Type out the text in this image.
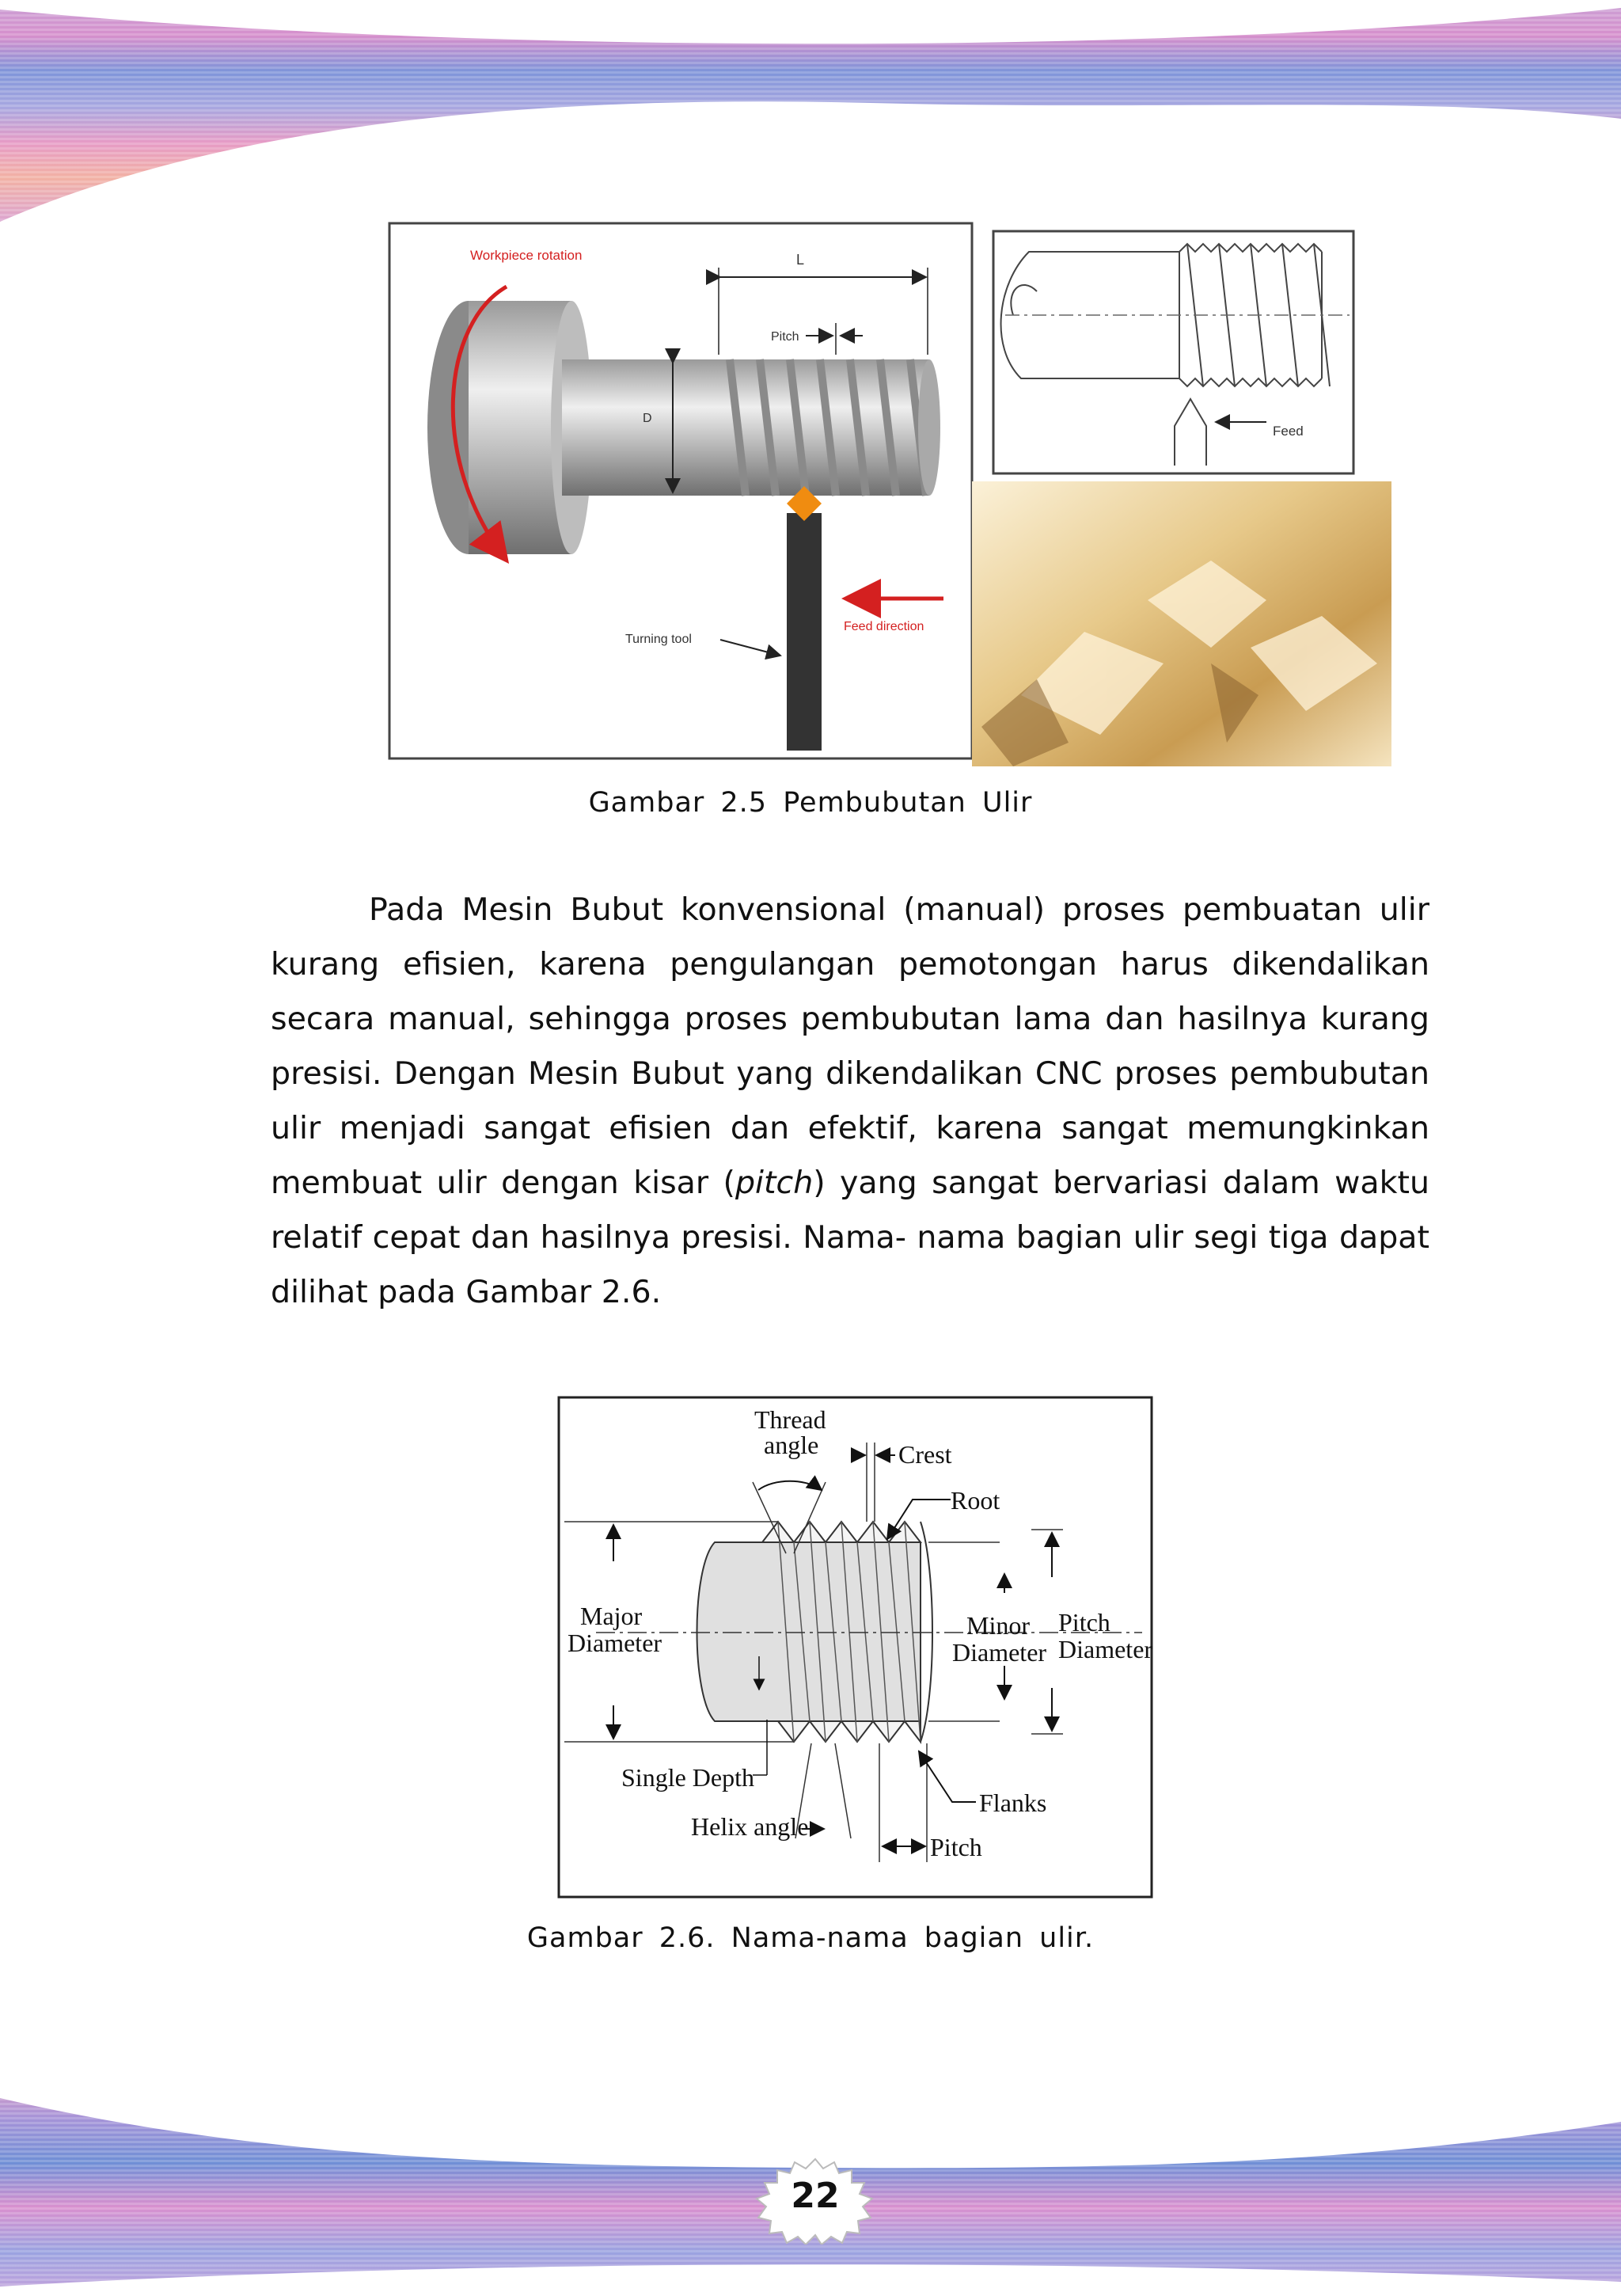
D
L
Pitch
Workpiece rotation
Turning tool
Feed direction
Feed
Gambar 2.5 Pembubutan Ulir

Pada Mesin Bubut konvensional (manual) proses pembuatan ulir kurang efisien, karena pengulangan pemotongan harus dikendalikan secara manual, sehingga proses pembubutan lama dan hasilnya kurang presisi. Dengan Mesin Bubut yang dikendalikan CNC proses pembubutan ulir menjadi sangat efisien dan efektif, karena sangat memungkinkan membuat ulir dengan kisar (pitch) yang sangat bervariasi dalam waktu relatif cepat dan hasilnya presisi. Nama- nama bagian ulir segi tiga dapat dilihat pada Gambar 2.6.

Major
Diameter
Thread
angle	Crest
Root
Minor
Diameter
Pitch
Diameter
Single Depth
Helix angle
Pitch
Flanks
Gambar 2.6. Nama-nama bagian ulir.
22
